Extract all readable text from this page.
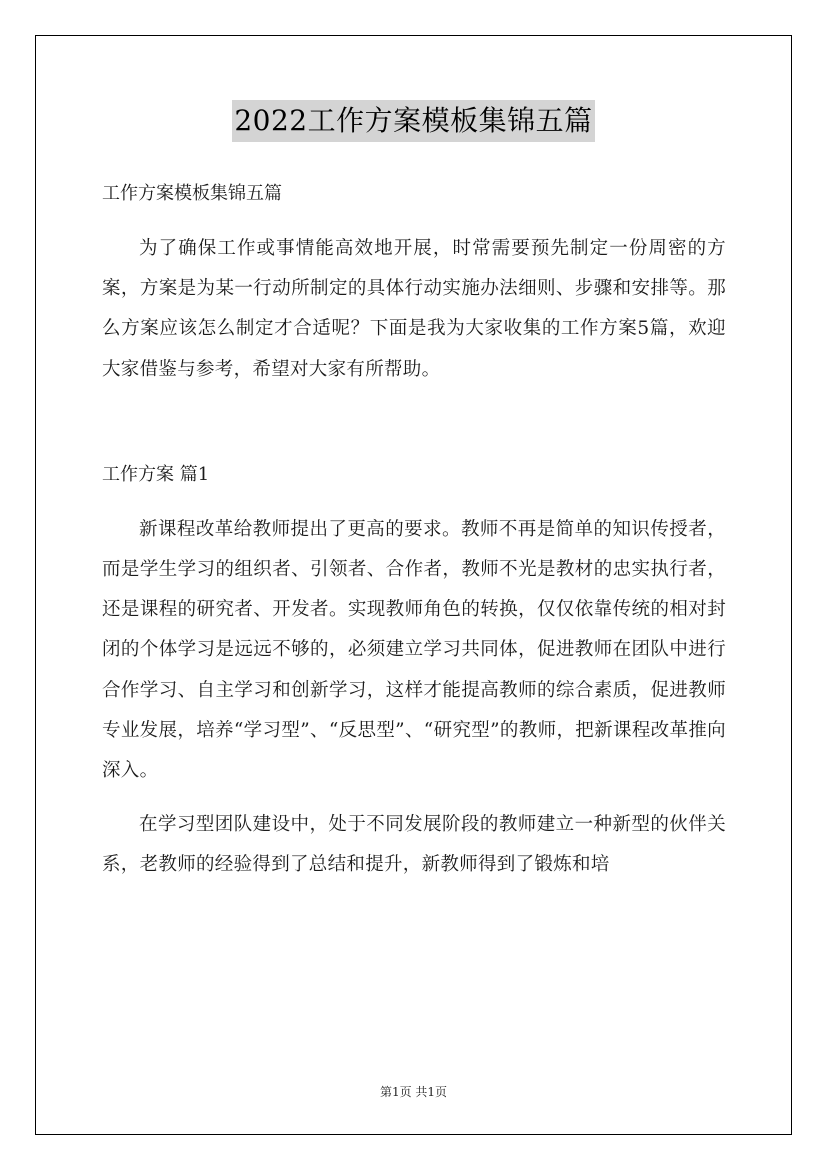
2022工作方案模板集锦五篇

工作方案模板集锦五篇

为了确保工作或事情能高效地开展，时常需要预先制定一份周密的方案，方案是为某一行动所制定的具体行动实施办法细则、步骤和安排等。那么方案应该怎么制定才合适呢？下面是我为大家收集的工作方案5篇，欢迎大家借鉴与参考，希望对大家有所帮助。

工作方案 篇1

新课程改革给教师提出了更高的要求。教师不再是简单的知识传授者，而是学生学习的组织者、引领者、合作者，教师不光是教材的忠实执行者，还是课程的研究者、开发者。实现教师角色的转换，仅仅依靠传统的相对封闭的个体学习是远远不够的，必须建立学习共同体，促进教师在团队中进行合作学习、自主学习和创新学习，这样才能提高教师的综合素质，促进教师专业发展，培养“学习型”、“反思型”、“研究型”的教师，把新课程改革推向深入。

在学习型团队建设中，处于不同发展阶段的教师建立一种新型的伙伴关系，老教师的经验得到了总结和提升，新教师得到了锻炼和培

第1页 共1页
